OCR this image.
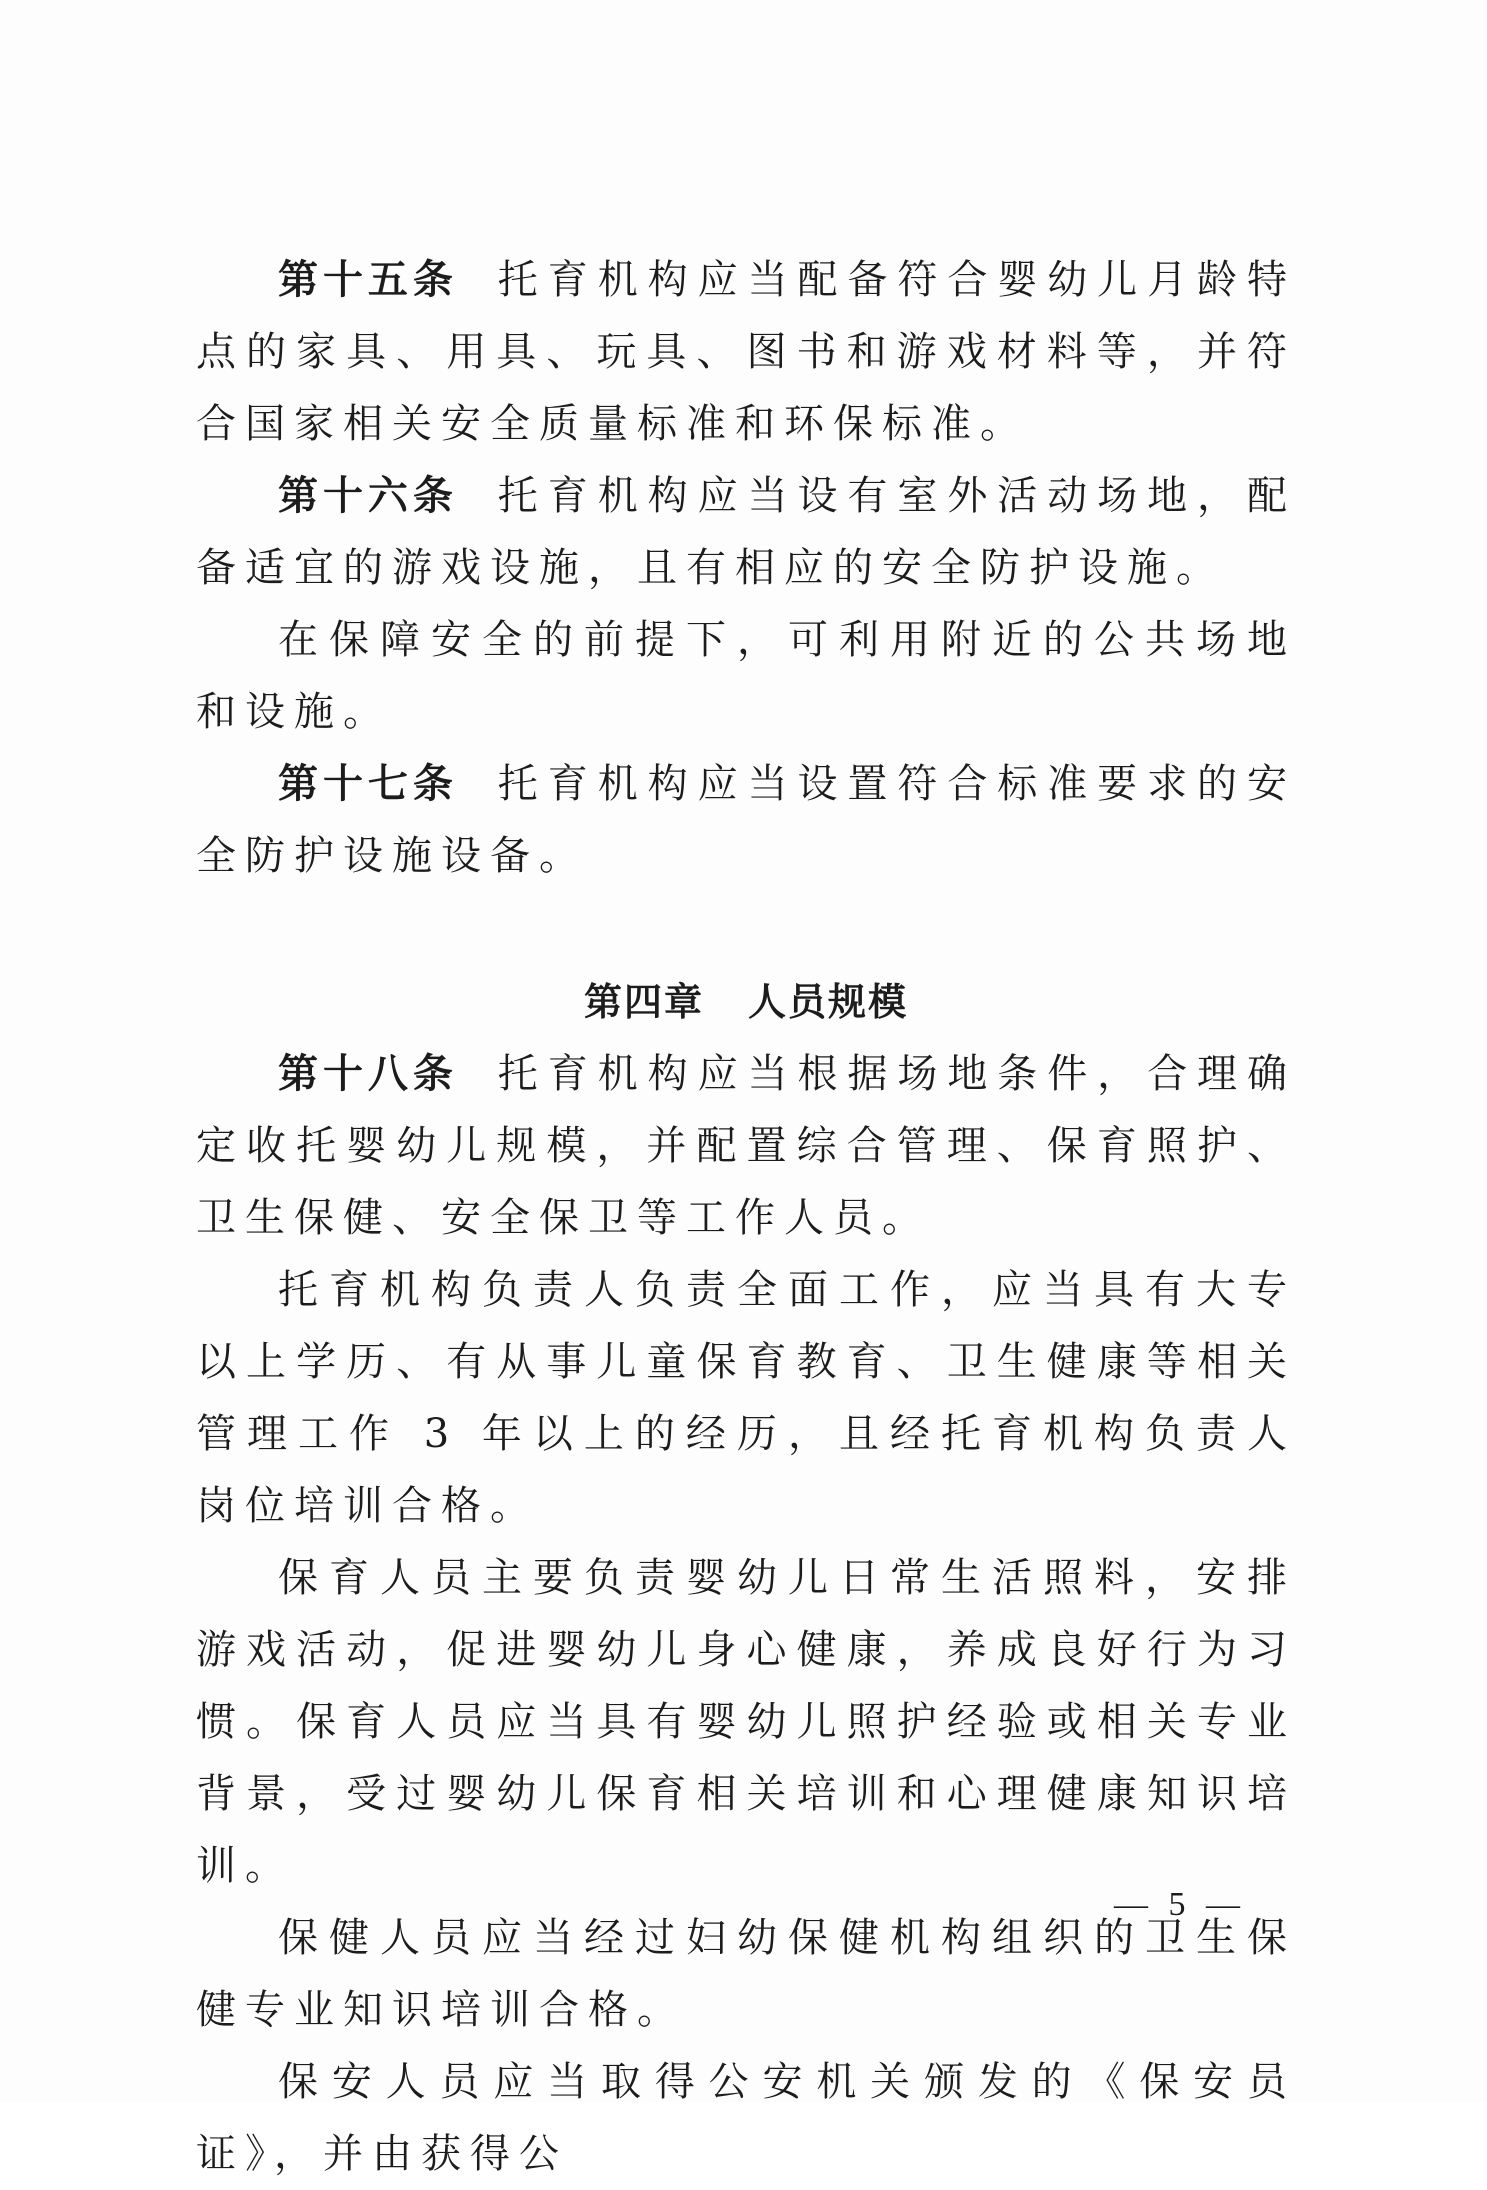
第十五条 托育机构应当配备符合婴幼儿月龄特点的家具、用具、玩具、图书和游戏材料等，并符合国家相关安全质量标准和环保标准。

第十六条 托育机构应当设有室外活动场地，配备适宜的游戏设施，且有相应的安全防护设施。

在保障安全的前提下，可利用附近的公共场地和设施。

第十七条 托育机构应当设置符合标准要求的安全防护设施设备。

第四章 人员规模

第十八条 托育机构应当根据场地条件，合理确定收托婴幼儿规模，并配置综合管理、保育照护、卫生保健、安全保卫等工作人员。

托育机构负责人负责全面工作，应当具有大专以上学历、有从事儿童保育教育、卫生健康等相关管理工作 3 年以上的经历，且经托育机构负责人岗位培训合格。

保育人员主要负责婴幼儿日常生活照料，安排游戏活动，促进婴幼儿身心健康，养成良好行为习惯。保育人员应当具有婴幼儿照护经验或相关专业背景，受过婴幼儿保育相关培训和心理健康知识培训。

保健人员应当经过妇幼保健机构组织的卫生保健专业知识培训合格。

保安人员应当取得公安机关颁发的《保安员证》，并由获得公

— 5 —
